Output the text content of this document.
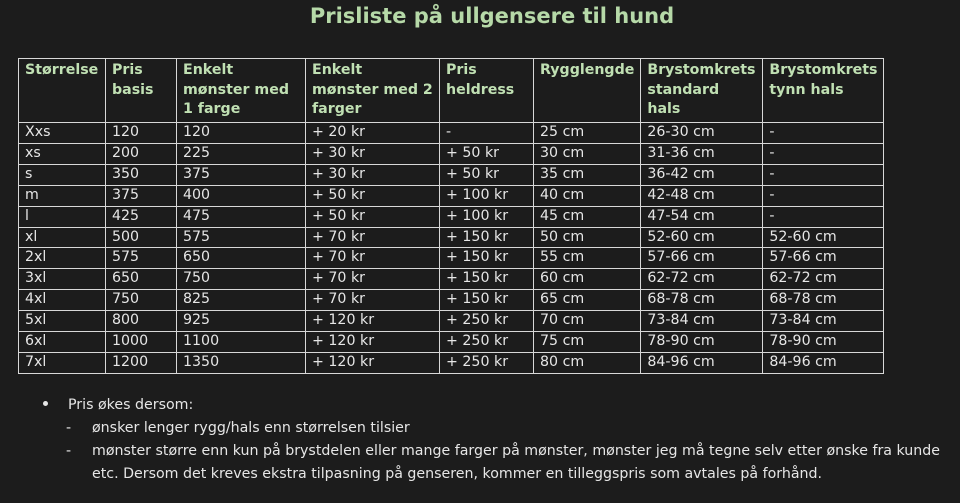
Prisliste på ullgensere til hund
Størrelse	Pris basis	Enkelt mønster med 1 farge	Enkelt mønster med 2 farger	Pris heldress	Rygglengde	Brystomkrets standard hals	Brystomkrets tynn hals
Xxs	120	120	+ 20 kr	-	25 cm	26-30 cm	-
xs	200	225	+ 30 kr	+ 50 kr	30 cm	31-36 cm	-
s	350	375	+ 30 kr	+ 50 kr	35 cm	36-42 cm	-
m	375	400	+ 50 kr	+ 100 kr	40 cm	42-48 cm	-
l	425	475	+ 50 kr	+ 100 kr	45 cm	47-54 cm	-
xl	500	575	+ 70 kr	+ 150 kr	50 cm	52-60 cm	52-60 cm
2xl	575	650	+ 70 kr	+ 150 kr	55 cm	57-66 cm	57-66 cm
3xl	650	750	+ 70 kr	+ 150 kr	60 cm	62-72 cm	62-72 cm
4xl	750	825	+ 70 kr	+ 150 kr	65 cm	68-78 cm	68-78 cm
5xl	800	925	+ 120 kr	+ 250 kr	70 cm	73-84 cm	73-84 cm
6xl	1000	1100	+ 120 kr	+ 250 kr	75 cm	78-90 cm	78-90 cm
7xl	1200	1350	+ 120 kr	+ 250 kr	80 cm	84-96 cm	84-96 cm
Pris økes dersom:
-	ønsker lenger rygg/hals enn størrelsen tilsier
-	mønster større enn kun på brystdelen eller mange farger på mønster, mønster jeg må tegne selv etter ønske fra kunde etc. Dersom det kreves ekstra tilpasning på genseren, kommer en tilleggspris som avtales på forhånd.
